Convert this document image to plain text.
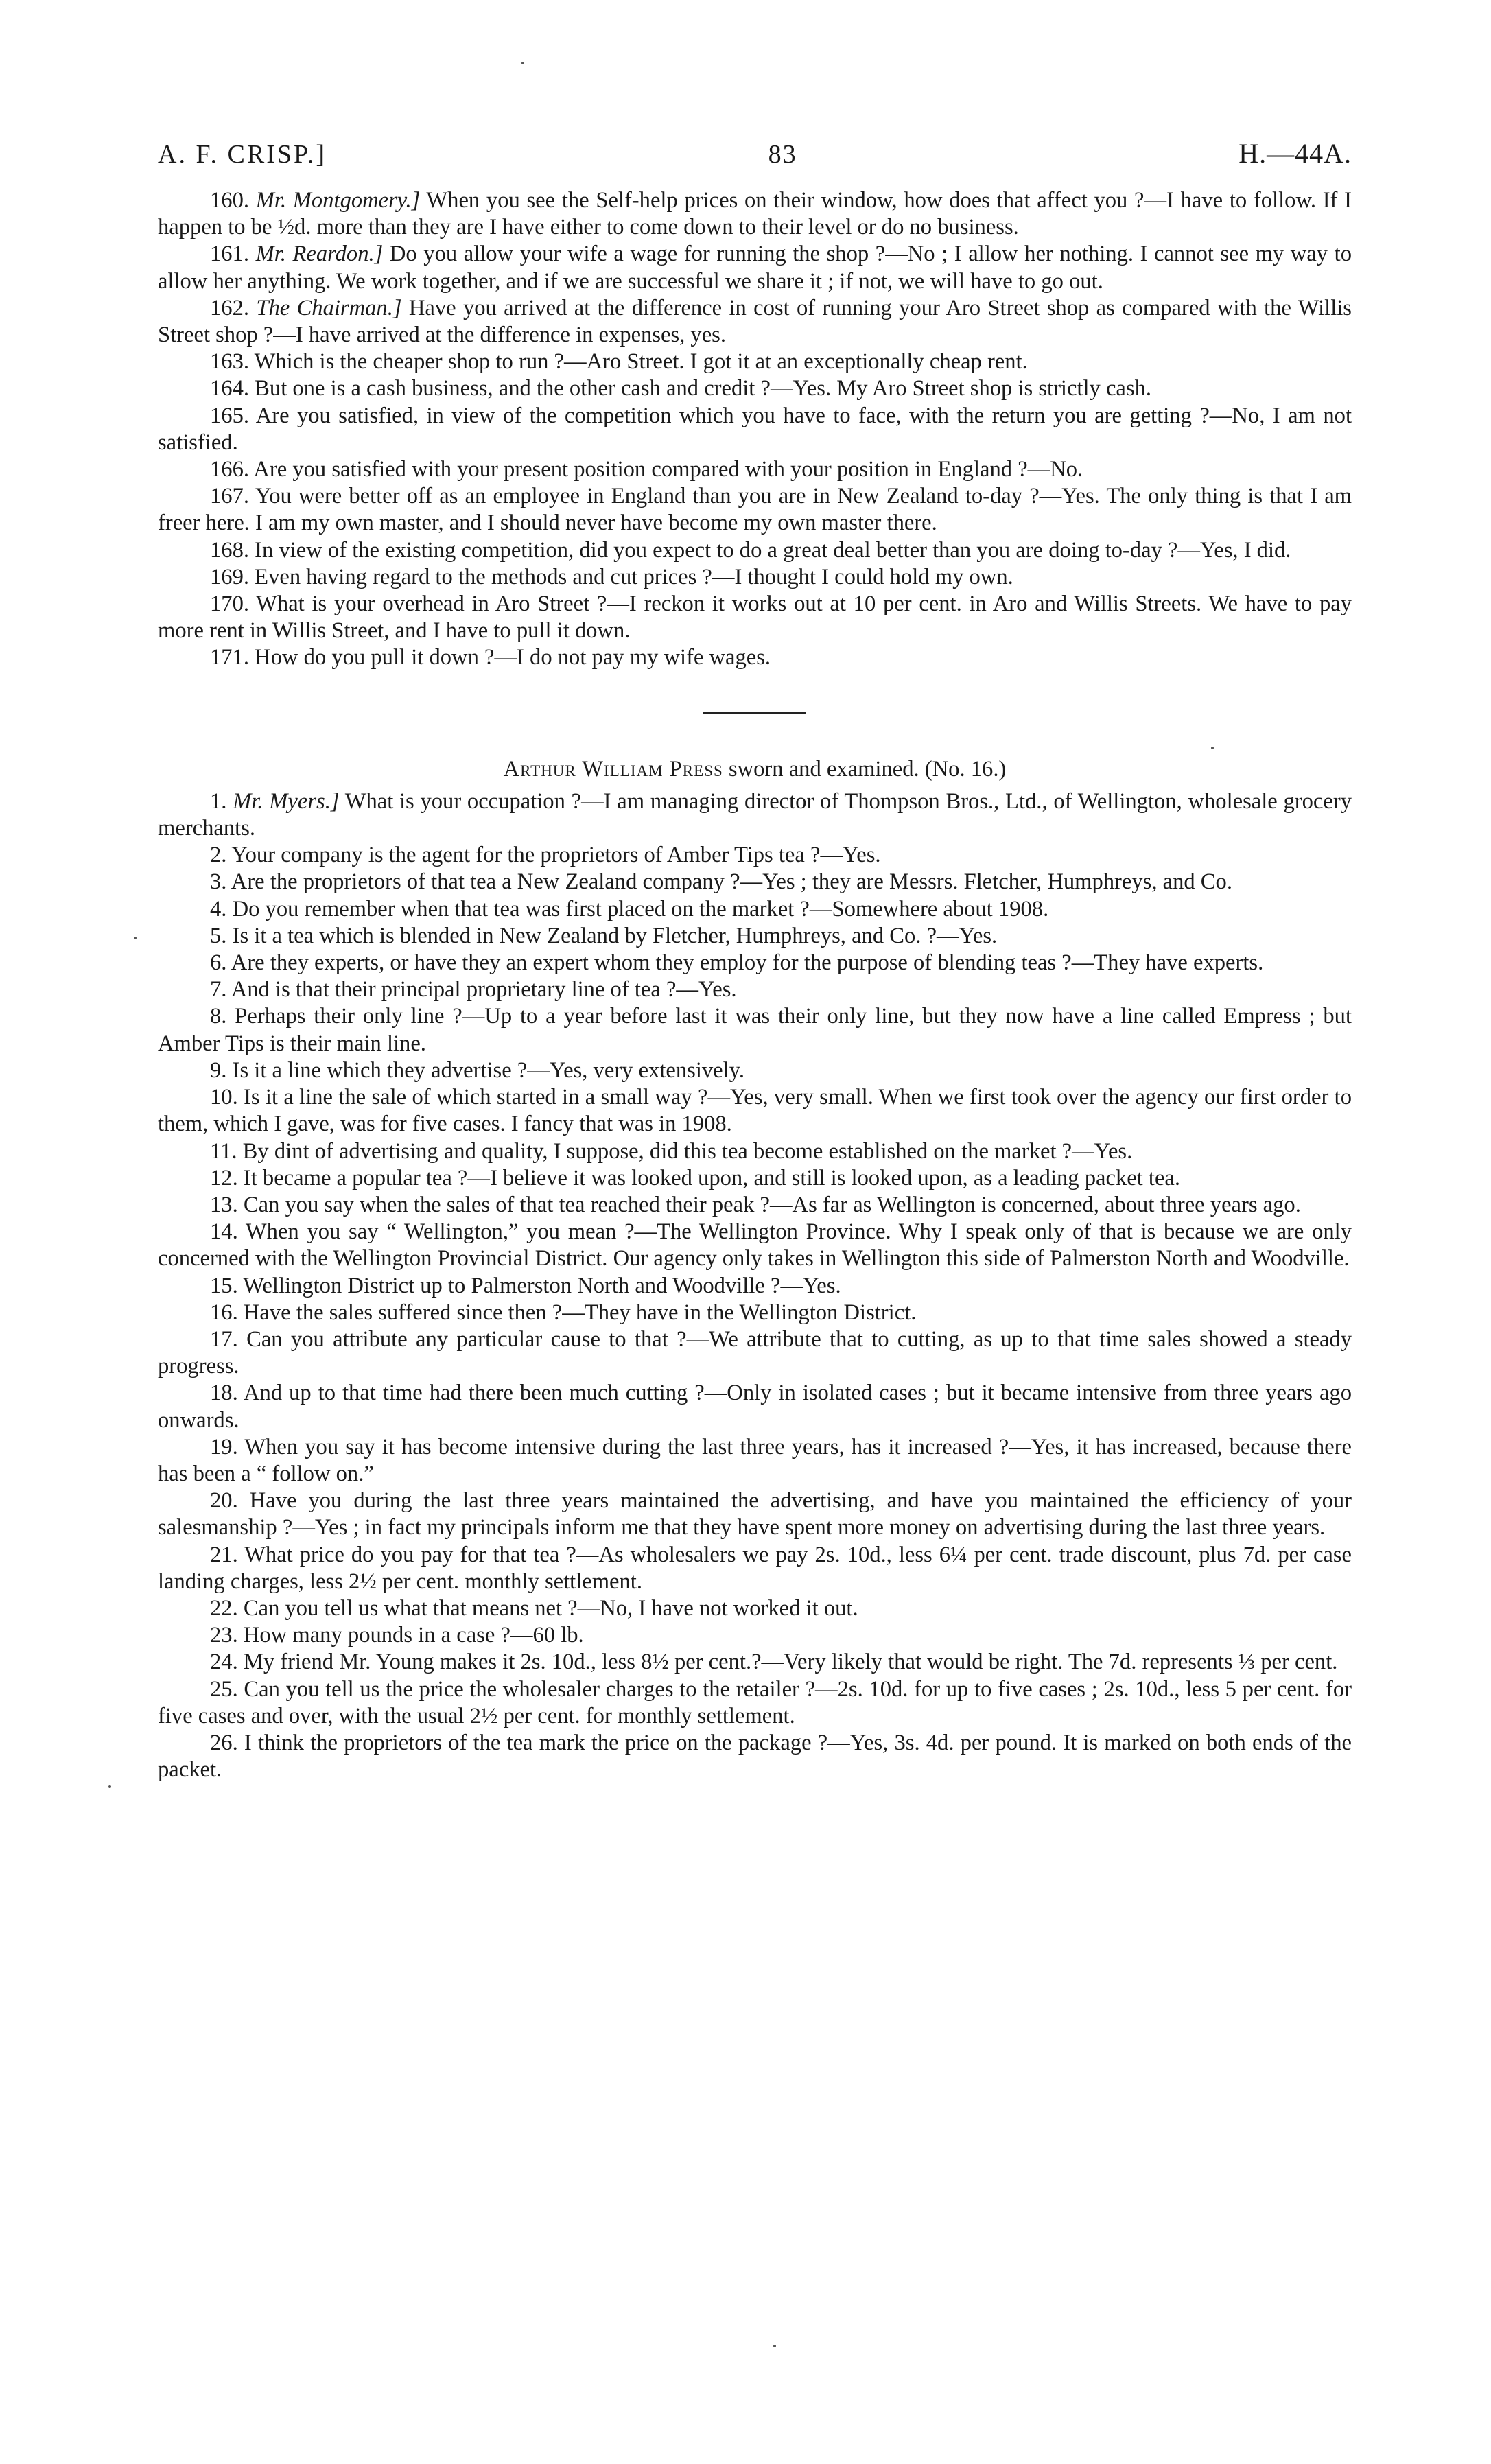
A. F. CRISP.]	83	H.—44A.

160. Mr. Montgomery.] When you see the Self-help prices on their window, how does that affect you ?—I have to follow. If I happen to be ½d. more than they are I have either to come down to their level or do no business.

161. Mr. Reardon.] Do you allow your wife a wage for running the shop ?—No ; I allow her nothing. I cannot see my way to allow her anything. We work together, and if we are successful we share it ; if not, we will have to go out.

162. The Chairman.] Have you arrived at the difference in cost of running your Aro Street shop as compared with the Willis Street shop ?—I have arrived at the difference in expenses, yes.

163. Which is the cheaper shop to run ?—Aro Street. I got it at an exceptionally cheap rent.

164. But one is a cash business, and the other cash and credit ?—Yes. My Aro Street shop is strictly cash.

165. Are you satisfied, in view of the competition which you have to face, with the return you are getting ?—No, I am not satisfied.

166. Are you satisfied with your present position compared with your position in England ?—No.

167. You were better off as an employee in England than you are in New Zealand to-day ?—Yes. The only thing is that I am freer here. I am my own master, and I should never have become my own master there.

168. In view of the existing competition, did you expect to do a great deal better than you are doing to-day ?—Yes, I did.

169. Even having regard to the methods and cut prices ?—I thought I could hold my own.

170. What is your overhead in Aro Street ?—I reckon it works out at 10 per cent. in Aro and Willis Streets. We have to pay more rent in Willis Street, and I have to pull it down.

171. How do you pull it down ?—I do not pay my wife wages.

Arthur William Press sworn and examined. (No. 16.)

1. Mr. Myers.] What is your occupation ?—I am managing director of Thompson Bros., Ltd., of Wellington, wholesale grocery merchants.

2. Your company is the agent for the proprietors of Amber Tips tea ?—Yes.

3. Are the proprietors of that tea a New Zealand company ?—Yes ; they are Messrs. Fletcher, Humphreys, and Co.

4. Do you remember when that tea was first placed on the market ?—Somewhere about 1908.

5. Is it a tea which is blended in New Zealand by Fletcher, Humphreys, and Co. ?—Yes.

6. Are they experts, or have they an expert whom they employ for the purpose of blending teas ?—They have experts.

7. And is that their principal proprietary line of tea ?—Yes.

8. Perhaps their only line ?—Up to a year before last it was their only line, but they now have a line called Empress ; but Amber Tips is their main line.

9. Is it a line which they advertise ?—Yes, very extensively.

10. Is it a line the sale of which started in a small way ?—Yes, very small. When we first took over the agency our first order to them, which I gave, was for five cases. I fancy that was in 1908.

11. By dint of advertising and quality, I suppose, did this tea become established on the market ?—Yes.

12. It became a popular tea ?—I believe it was looked upon, and still is looked upon, as a leading packet tea.

13. Can you say when the sales of that tea reached their peak ?—As far as Wellington is concerned, about three years ago.

14. When you say “ Wellington,” you mean ?—The Wellington Province. Why I speak only of that is because we are only concerned with the Wellington Provincial District. Our agency only takes in Wellington this side of Palmerston North and Woodville.

15. Wellington District up to Palmerston North and Woodville ?—Yes.

16. Have the sales suffered since then ?—They have in the Wellington District.

17. Can you attribute any particular cause to that ?—We attribute that to cutting, as up to that time sales showed a steady progress.

18. And up to that time had there been much cutting ?—Only in isolated cases ; but it became intensive from three years ago onwards.

19. When you say it has become intensive during the last three years, has it increased ?—Yes, it has increased, because there has been a “ follow on.”

20. Have you during the last three years maintained the advertising, and have you maintained the efficiency of your salesmanship ?—Yes ; in fact my principals inform me that they have spent more money on advertising during the last three years.

21. What price do you pay for that tea ?—As wholesalers we pay 2s. 10d., less 6¼ per cent. trade discount, plus 7d. per case landing charges, less 2½ per cent. monthly settlement.

22. Can you tell us what that means net ?—No, I have not worked it out.

23. How many pounds in a case ?—60 lb.

24. My friend Mr. Young makes it 2s. 10d., less 8½ per cent.?—Very likely that would be right. The 7d. represents ⅓ per cent.

25. Can you tell us the price the wholesaler charges to the retailer ?—2s. 10d. for up to five cases ; 2s. 10d., less 5 per cent. for five cases and over, with the usual 2½ per cent. for monthly settlement.

26. I think the proprietors of the tea mark the price on the package ?—Yes, 3s. 4d. per pound. It is marked on both ends of the packet.
